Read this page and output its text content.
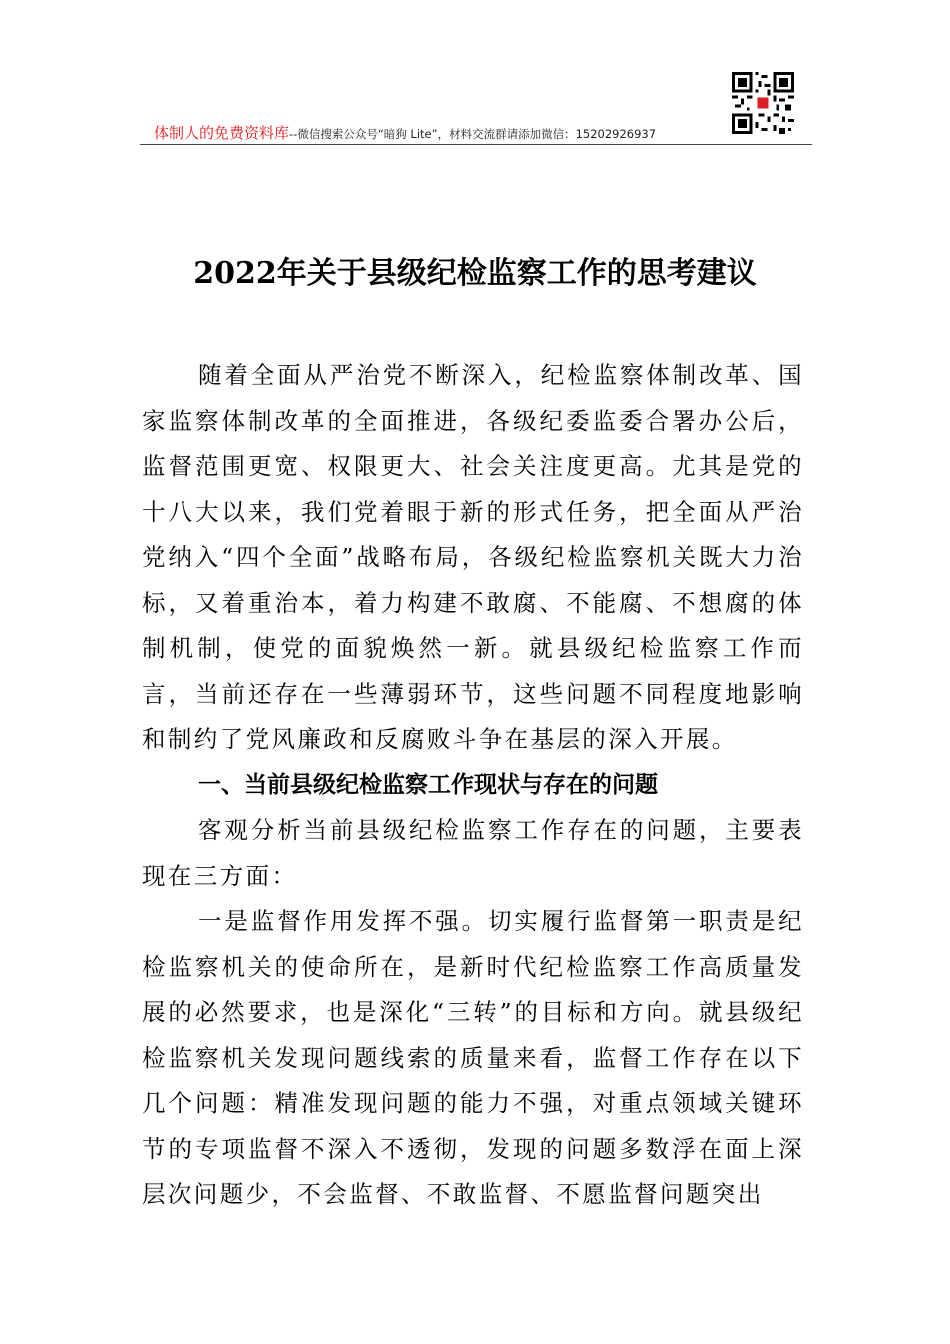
体制人的免费资料库--微信搜索公众号“暗狗 Lite”，材料交流群请添加微信：15202926937
2022年关于县级纪检监察工作的思考建议

随着全面从严治党不断深入，纪检监察体制改革、国家监察体制改革的全面推进，各级纪委监委合署办公后，监督范围更宽、权限更大、社会关注度更高。尤其是党的十八大以来，我们党着眼于新的形式任务，把全面从严治党纳入“四个全面”战略布局，各级纪检监察机关既大力治标，又着重治本，着力构建不敢腐、不能腐、不想腐的体制机制，使党的面貌焕然一新。就县级纪检监察工作而言，当前还存在一些薄弱环节，这些问题不同程度地影响和制约了党风廉政和反腐败斗争在基层的深入开展。

一、当前县级纪检监察工作现状与存在的问题

客观分析当前县级纪检监察工作存在的问题，主要表现在三方面：

一是监督作用发挥不强。切实履行监督第一职责是纪检监察机关的使命所在，是新时代纪检监察工作高质量发展的必然要求，也是深化“三转”的目标和方向。就县级纪检监察机关发现问题线索的质量来看，监督工作存在以下几个问题：精准发现问题的能力不强，对重点领域关键环节的专项监督不深入不透彻，发现的问题多数浮在面上深层次问题少，不会监督、不敢监督、不愿监督问题突出
